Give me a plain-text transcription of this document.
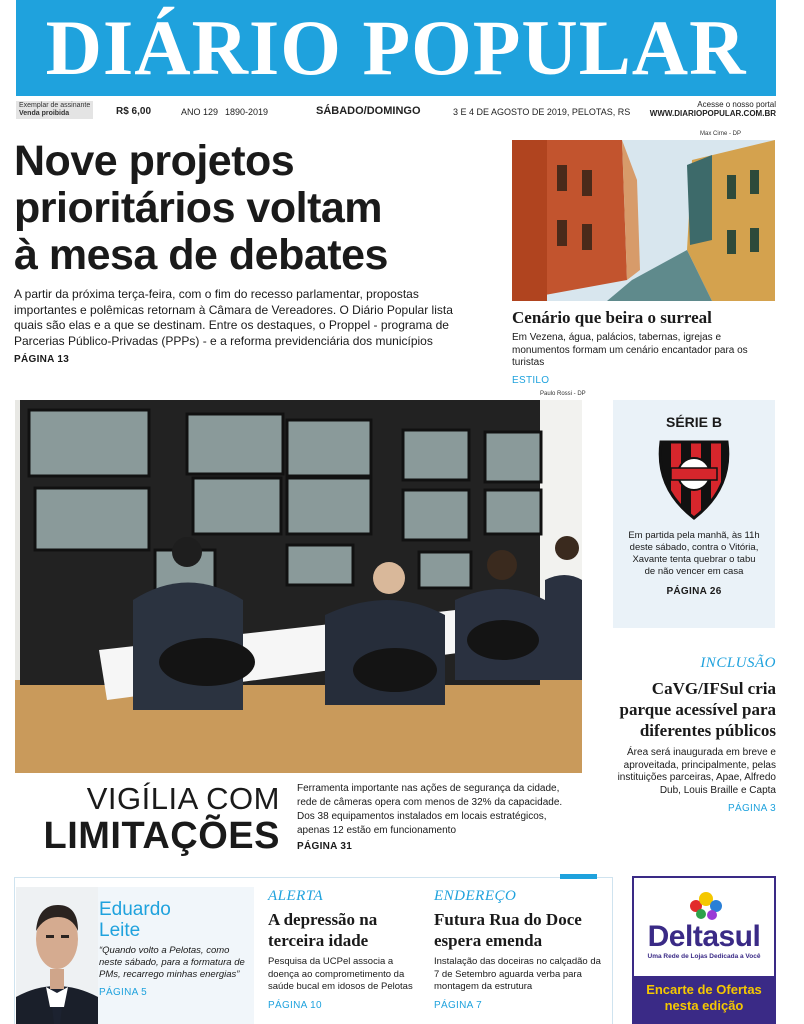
DIÁRIO POPULAR
Exemplar de assinante
Venda proibida	R$ 6,00	ANO 129 1890-2019	SÁBADO/DOMINGO	3 E 4 DE AGOSTO DE 2019, PELOTAS, RS
Acesse o nosso portal
WWW.DIARIOPOPULAR.COM.BR
Nove projetos
prioritários voltam
à mesa de debates
A partir da próxima terça-feira, com o fim do recesso parlamentar, propostas importantes e polêmicas retornam à Câmara de Vereadores. O Diário Popular lista quais são elas e a que se destinam. Entre os destaques, o Proppel - programa de Parcerias Público-Privadas (PPPs) - e a reforma previdenciária dos municípios
PÁGINA 13
Max Cirne - DP
Cenário que beira o surreal
Em Vezena, água, palácios, tabernas, igrejas e monumentos formam um cenário encantador para os turistas
ESTILO
Paulo Rossi - DP
VIGÍLIA COM
LIMITAÇÕES
Ferramenta importante nas ações de segurança da cidade, rede de câmeras opera com menos de 32% da capacidade. Dos 38 equipamentos instalados em locais estratégicos, apenas 12 estão em funcionamento
PÁGINA 31
SÉRIE B
Em partida pela manhã, às 11h deste sábado, contra o Vitória, Xavante tenta quebrar o tabu de não vencer em casa
PÁGINA 26
INCLUSÃO
CaVG/IFSul cria parque acessível para diferentes públicos
Área será inaugurada em breve e aproveitada, principalmente, pelas instituições parceiras, Apae, Alfredo Dub, Louis Braille e Capta
PÁGINA 3
Eduardo
Leite
“Quando volto a Pelotas, como neste sábado, para a formatura de PMs, recarrego minhas energias”
PÁGINA 5
ALERTA
A depressão na terceira idade
Pesquisa da UCPel associa a doença ao comprometimento da saúde bucal em idosos de Pelotas
PÁGINA 10
ENDEREÇO
Futura Rua do Doce espera emenda
Instalação das doceiras no calçadão da 7 de Setembro aguarda verba para montagem da estrutura
PÁGINA 7
Deltasul
Uma Rede de Lojas Dedicada a Você
Encarte de Ofertas
nesta edição
